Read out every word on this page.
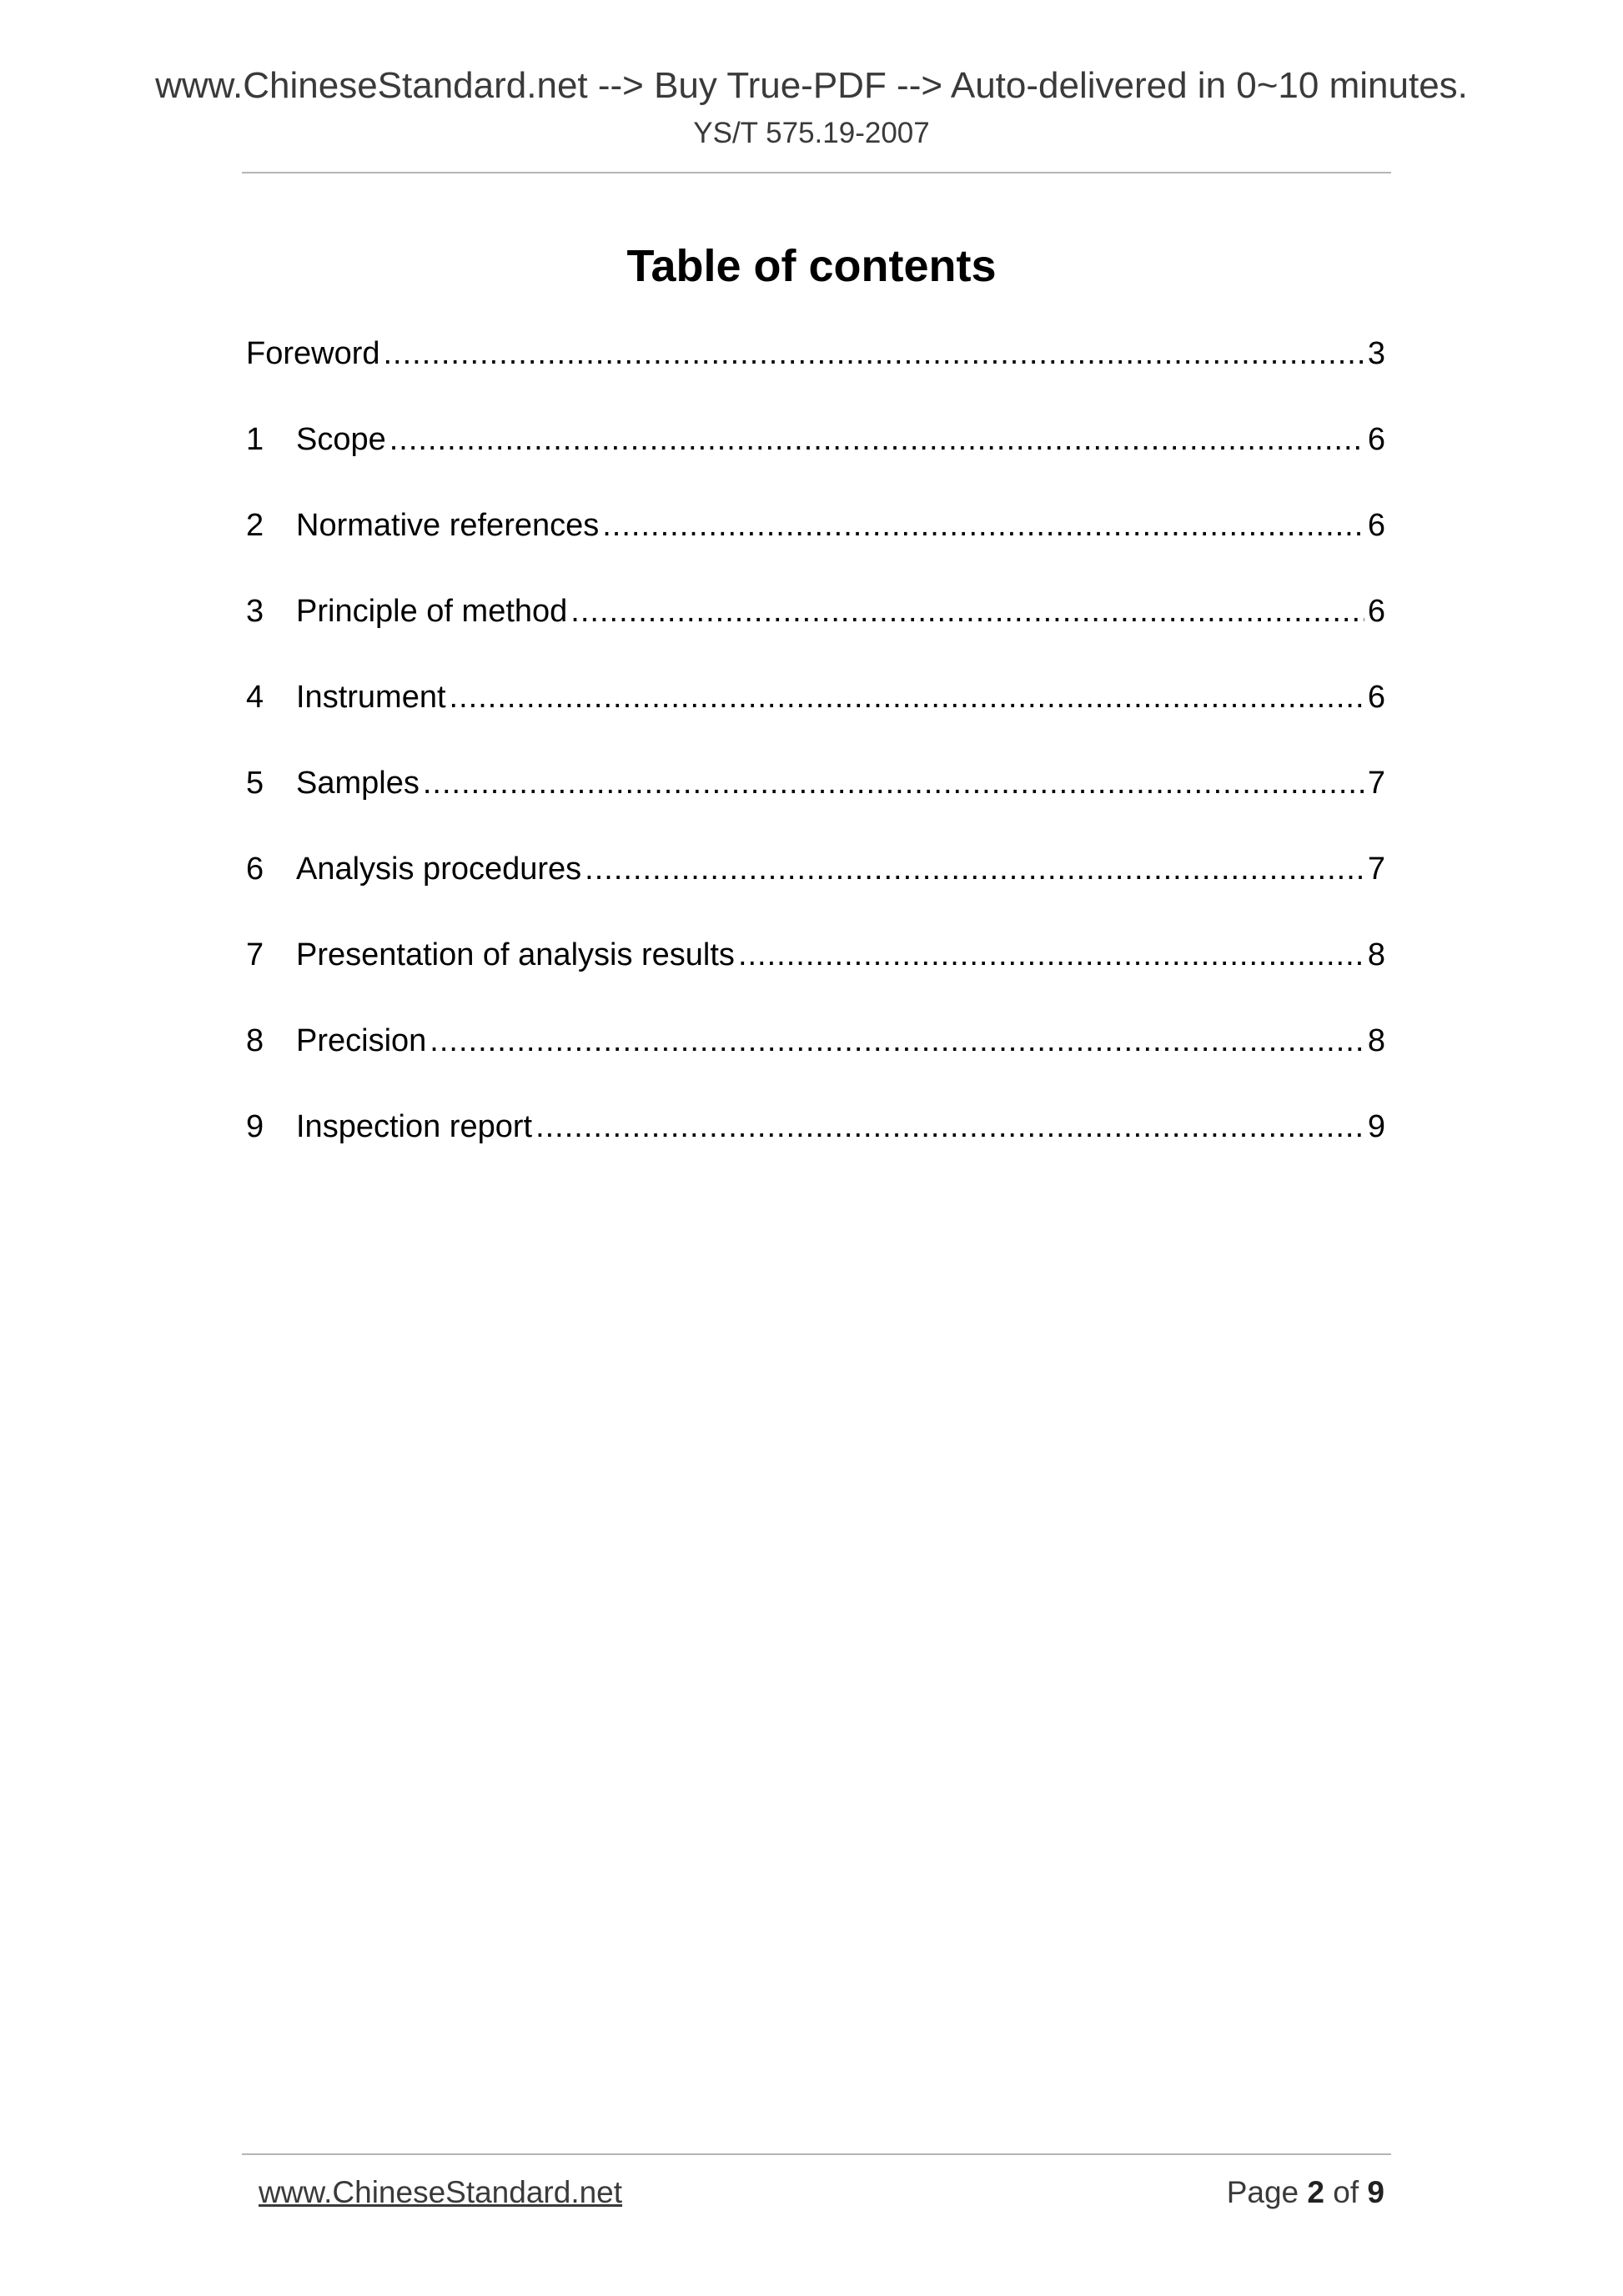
www.ChineseStandard.net --> Buy True-PDF --> Auto-delivered in 0~10 minutes.
YS/T 575.19-2007
Table of contents
Foreword .....	3
1	Scope .....	6
2	Normative references .....	6
3	Principle of method .....	6
4	Instrument .....	6
5	Samples .....	7
6	Analysis procedures .....	7
7	Presentation of analysis results .....	8
8	Precision .....	8
9	Inspection report .....	9
www.ChineseStandard.net	Page 2 of 9
